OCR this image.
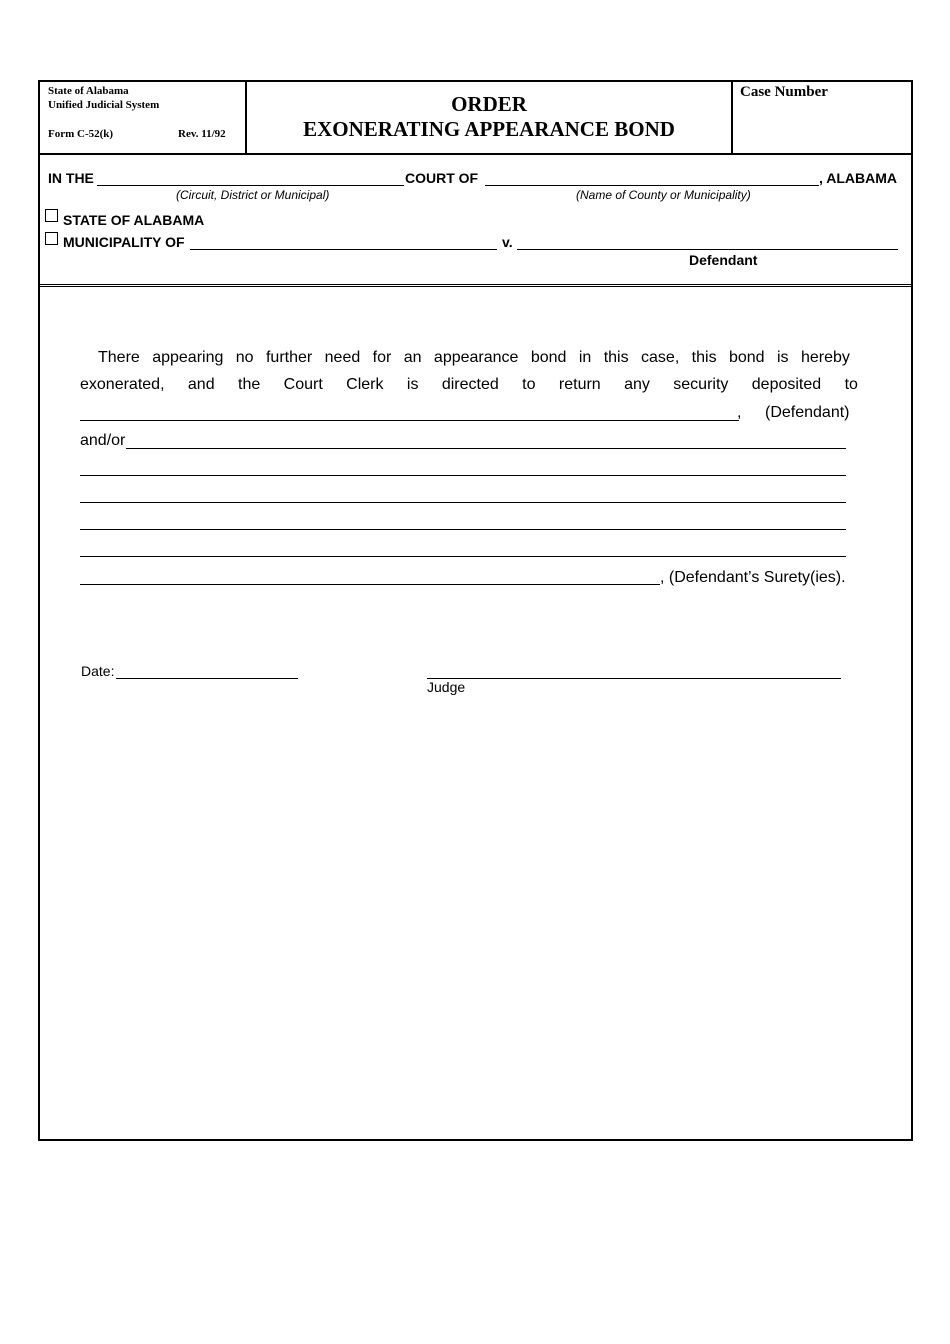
State of Alabama
Unified Judicial System
Form C-52(k)	Rev. 11/92
ORDER
EXONERATING APPEARANCE BOND
Case Number
IN THE	COURT OF	, ALABAMA
(Circuit, District or Municipal)	(Name of County or Municipality)
STATE OF ALABAMA
MUNICIPALITY OF	v.
Defendant
There appearing no further need for an appearance bond in this case, this bond is hereby
exonerated, and the Court Clerk is directed to return any security deposited to
, (Defendant)
and/or
, (Defendant’s Surety(ies).
Date:
Judge
